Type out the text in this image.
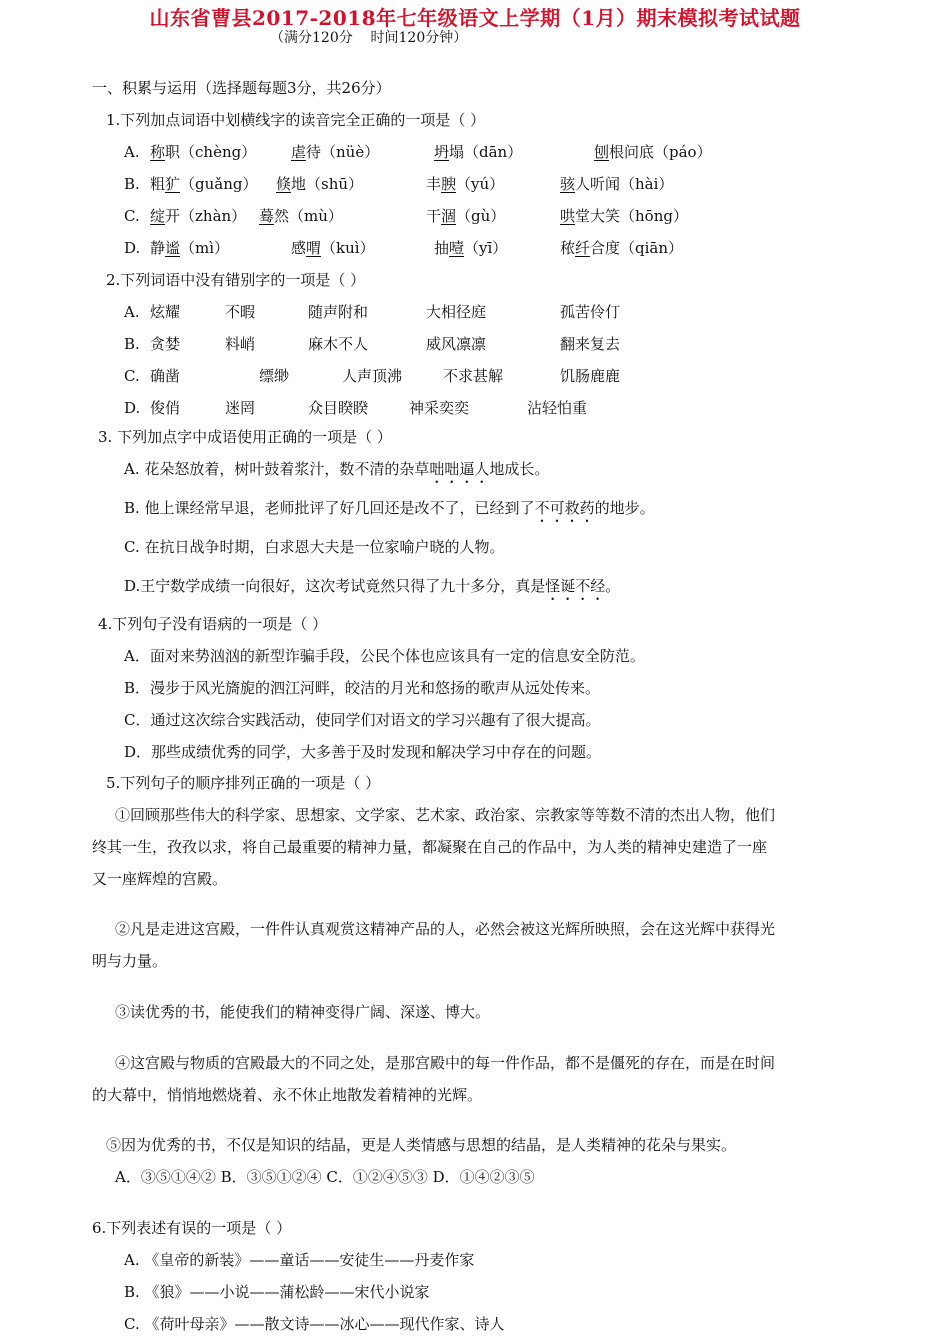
山东省曹县2017-2018年七年级语文上学期（1月）期末模拟考试试题
（满分120分    时间120分钟）
一、积累与运用（选择题每题3分，共26分）
1.下列加点词语中划横线字的读音完全正确的一项是（ ）
A. 称职（chèng） 虐待（nüè）	坍塌（dān）	刨根问底（páo）
B. 粗犷（guǎng） 倏地（shū）	丰腴（yú）	骇人听闻（hài）
C. 绽开（zhàn） 蓦然（mù）	干涸（gù）	哄堂大笑（hōng）
D. 静谧（mì）	感喟（kuì）	抽噎（yī）	秾纤合度（qiān）
2.下列词语中没有错别字的一项是（ ）
A. 炫耀	不暇	随声附和	大相径庭	孤苦伶仃
B. 贪婪	料峭	麻木不人	威风凛凛	翻来复去
C. 确凿	缥缈	人声顶沸	不求甚解	饥肠鹿鹿
D. 俊俏	迷罔	众目睽睽	神采奕奕	沾轻怕重
3. 下列加点字中成语使用正确的一项是（ ）
A. 花朵怒放着，树叶鼓着浆汁，数不清的杂草咄咄逼人地成长。
B. 他上课经常早退，老师批评了好几回还是改不了，已经到了不可救药的地步。
C. 在抗日战争时期，白求恩大夫是一位家喻户晓的人物。
D.王宁数学成绩一向很好，这次考试竟然只得了九十多分，真是怪诞不经。
4.下列句子没有语病的一项是（ ）
A．面对来势汹汹的新型诈骗手段，公民个体也应该具有一定的信息安全防范。
B．漫步于风光旖旎的泗江河畔，皎洁的月光和悠扬的歌声从远处传来。
C．通过这次综合实践活动，使同学们对语文的学习兴趣有了很大提高。
D．那些成绩优秀的同学，大多善于及时发现和解决学习中存在的问题。
5.下列句子的顺序排列正确的一项是（ ）
①回顾那些伟大的科学家、思想家、文学家、艺术家、政治家、宗教家等等数不清的杰出人物，他们
终其一生，孜孜以求，将自己最重要的精神力量，都凝聚在自己的作品中，为人类的精神史建造了一座
又一座辉煌的宫殿。
②凡是走进这宫殿，一件件认真观赏这精神产品的人，必然会被这光辉所映照，会在这光辉中获得光
明与力量。
③读优秀的书，能使我们的精神变得广阔、深遂、博大。
④这宫殿与物质的宫殿最大的不同之处，是那宫殿中的每一件作品，都不是僵死的存在，而是在时间
的大幕中，悄悄地燃烧着、永不休止地散发着精神的光辉。
⑤因为优秀的书，不仅是知识的结晶，更是人类情感与思想的结晶，是人类精神的花朵与果实。
A．③⑤①④② B．③⑤①②④ C．①②④⑤③ D．①④②③⑤
6.下列表述有误的一项是（ ）
A. 《皇帝的新装》——童话——安徒生——丹麦作家
B. 《狼》——小说——蒲松龄——宋代小说家
C. 《荷叶母亲》——散文诗——冰心——现代作家、诗人
